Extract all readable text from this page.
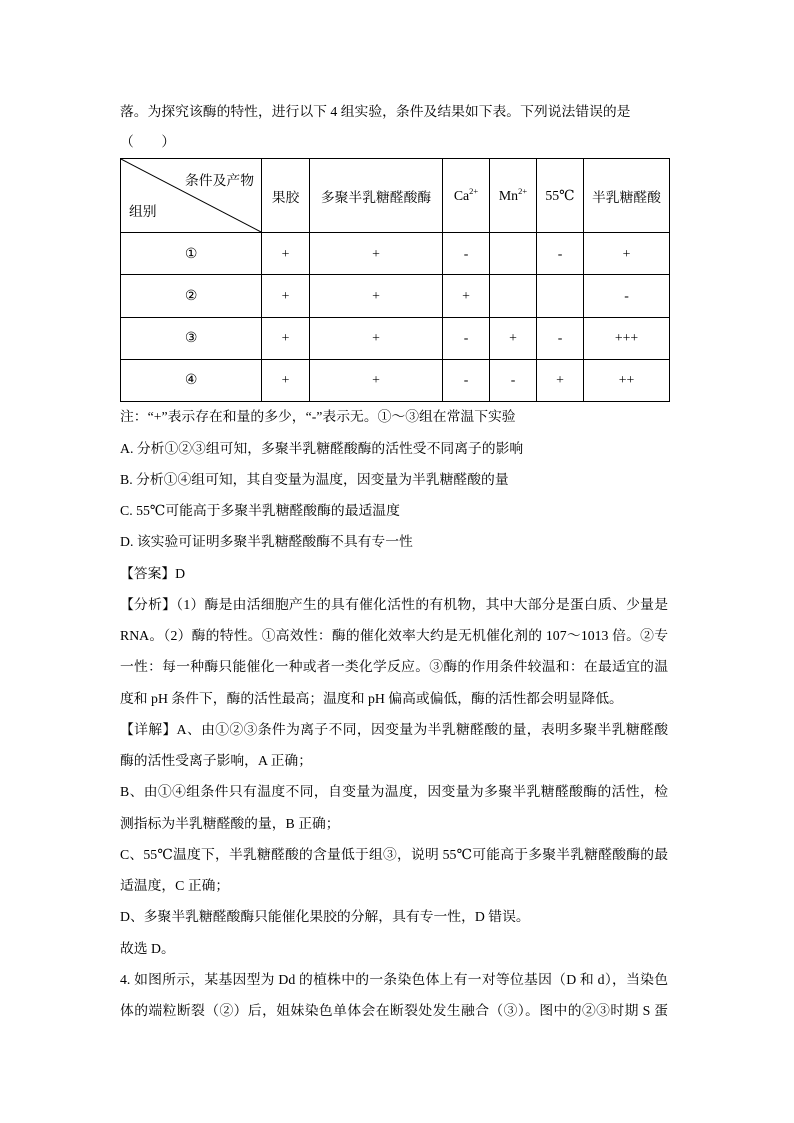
落。为探究该酶的特性，进行以下 4 组实验，条件及结果如下表。下列说法错误的是
（　　）
条件及产物
组别	果胶	多聚半乳糖醛酸酶	$Ca^{2+}$	$Mn^{2+}$	55℃	半乳糖醛酸
①	+	+	-		-	+
②	+	+	+			-
③	+	+	-	+	-	+++
④	+	+	-	-	+	++
注：“+”表示存在和量的多少，“-”表示无。①～③组在常温下实验
A. 分析①②③组可知，多聚半乳糖醛酸酶的活性受不同离子的影响
B. 分析①④组可知，其自变量为温度，因变量为半乳糖醛酸的量
C. 55℃可能高于多聚半乳糖醛酸酶的最适温度
D. 该实验可证明多聚半乳糖醛酸酶不具有专一性
【答案】D
【分析】（1）酶是由活细胞产生的具有催化活性的有机物，其中大部分是蛋白质、少量是
RNA。（2）酶的特性。①高效性：酶的催化效率大约是无机催化剂的 107～1013 倍。②专
一性：每一种酶只能催化一种或者一类化学反应。③酶的作用条件较温和：在最适宜的温
度和 pH 条件下，酶的活性最高；温度和 pH 偏高或偏低，酶的活性都会明显降低。
【详解】A、由①②③条件为离子不同，因变量为半乳糖醛酸的量，表明多聚半乳糖醛酸
酶的活性受离子影响，A 正确；
B、由①④组条件只有温度不同，自变量为温度，因变量为多聚半乳糖醛酸酶的活性，检
测指标为半乳糖醛酸的量，B 正确；
C、55℃温度下，半乳糖醛酸的含量低于组③，说明 55℃可能高于多聚半乳糖醛酸酶的最
适温度，C 正确；
D、多聚半乳糖醛酸酶只能催化果胶的分解，具有专一性，D 错误。
故选 D。
4. 如图所示，某基因型为 Dd 的植株中的一条染色体上有一对等位基因（D 和 d），当染色
体的端粒断裂（②）后，姐妹染色单体会在断裂处发生融合（③）。图中的②③时期 S 蛋
